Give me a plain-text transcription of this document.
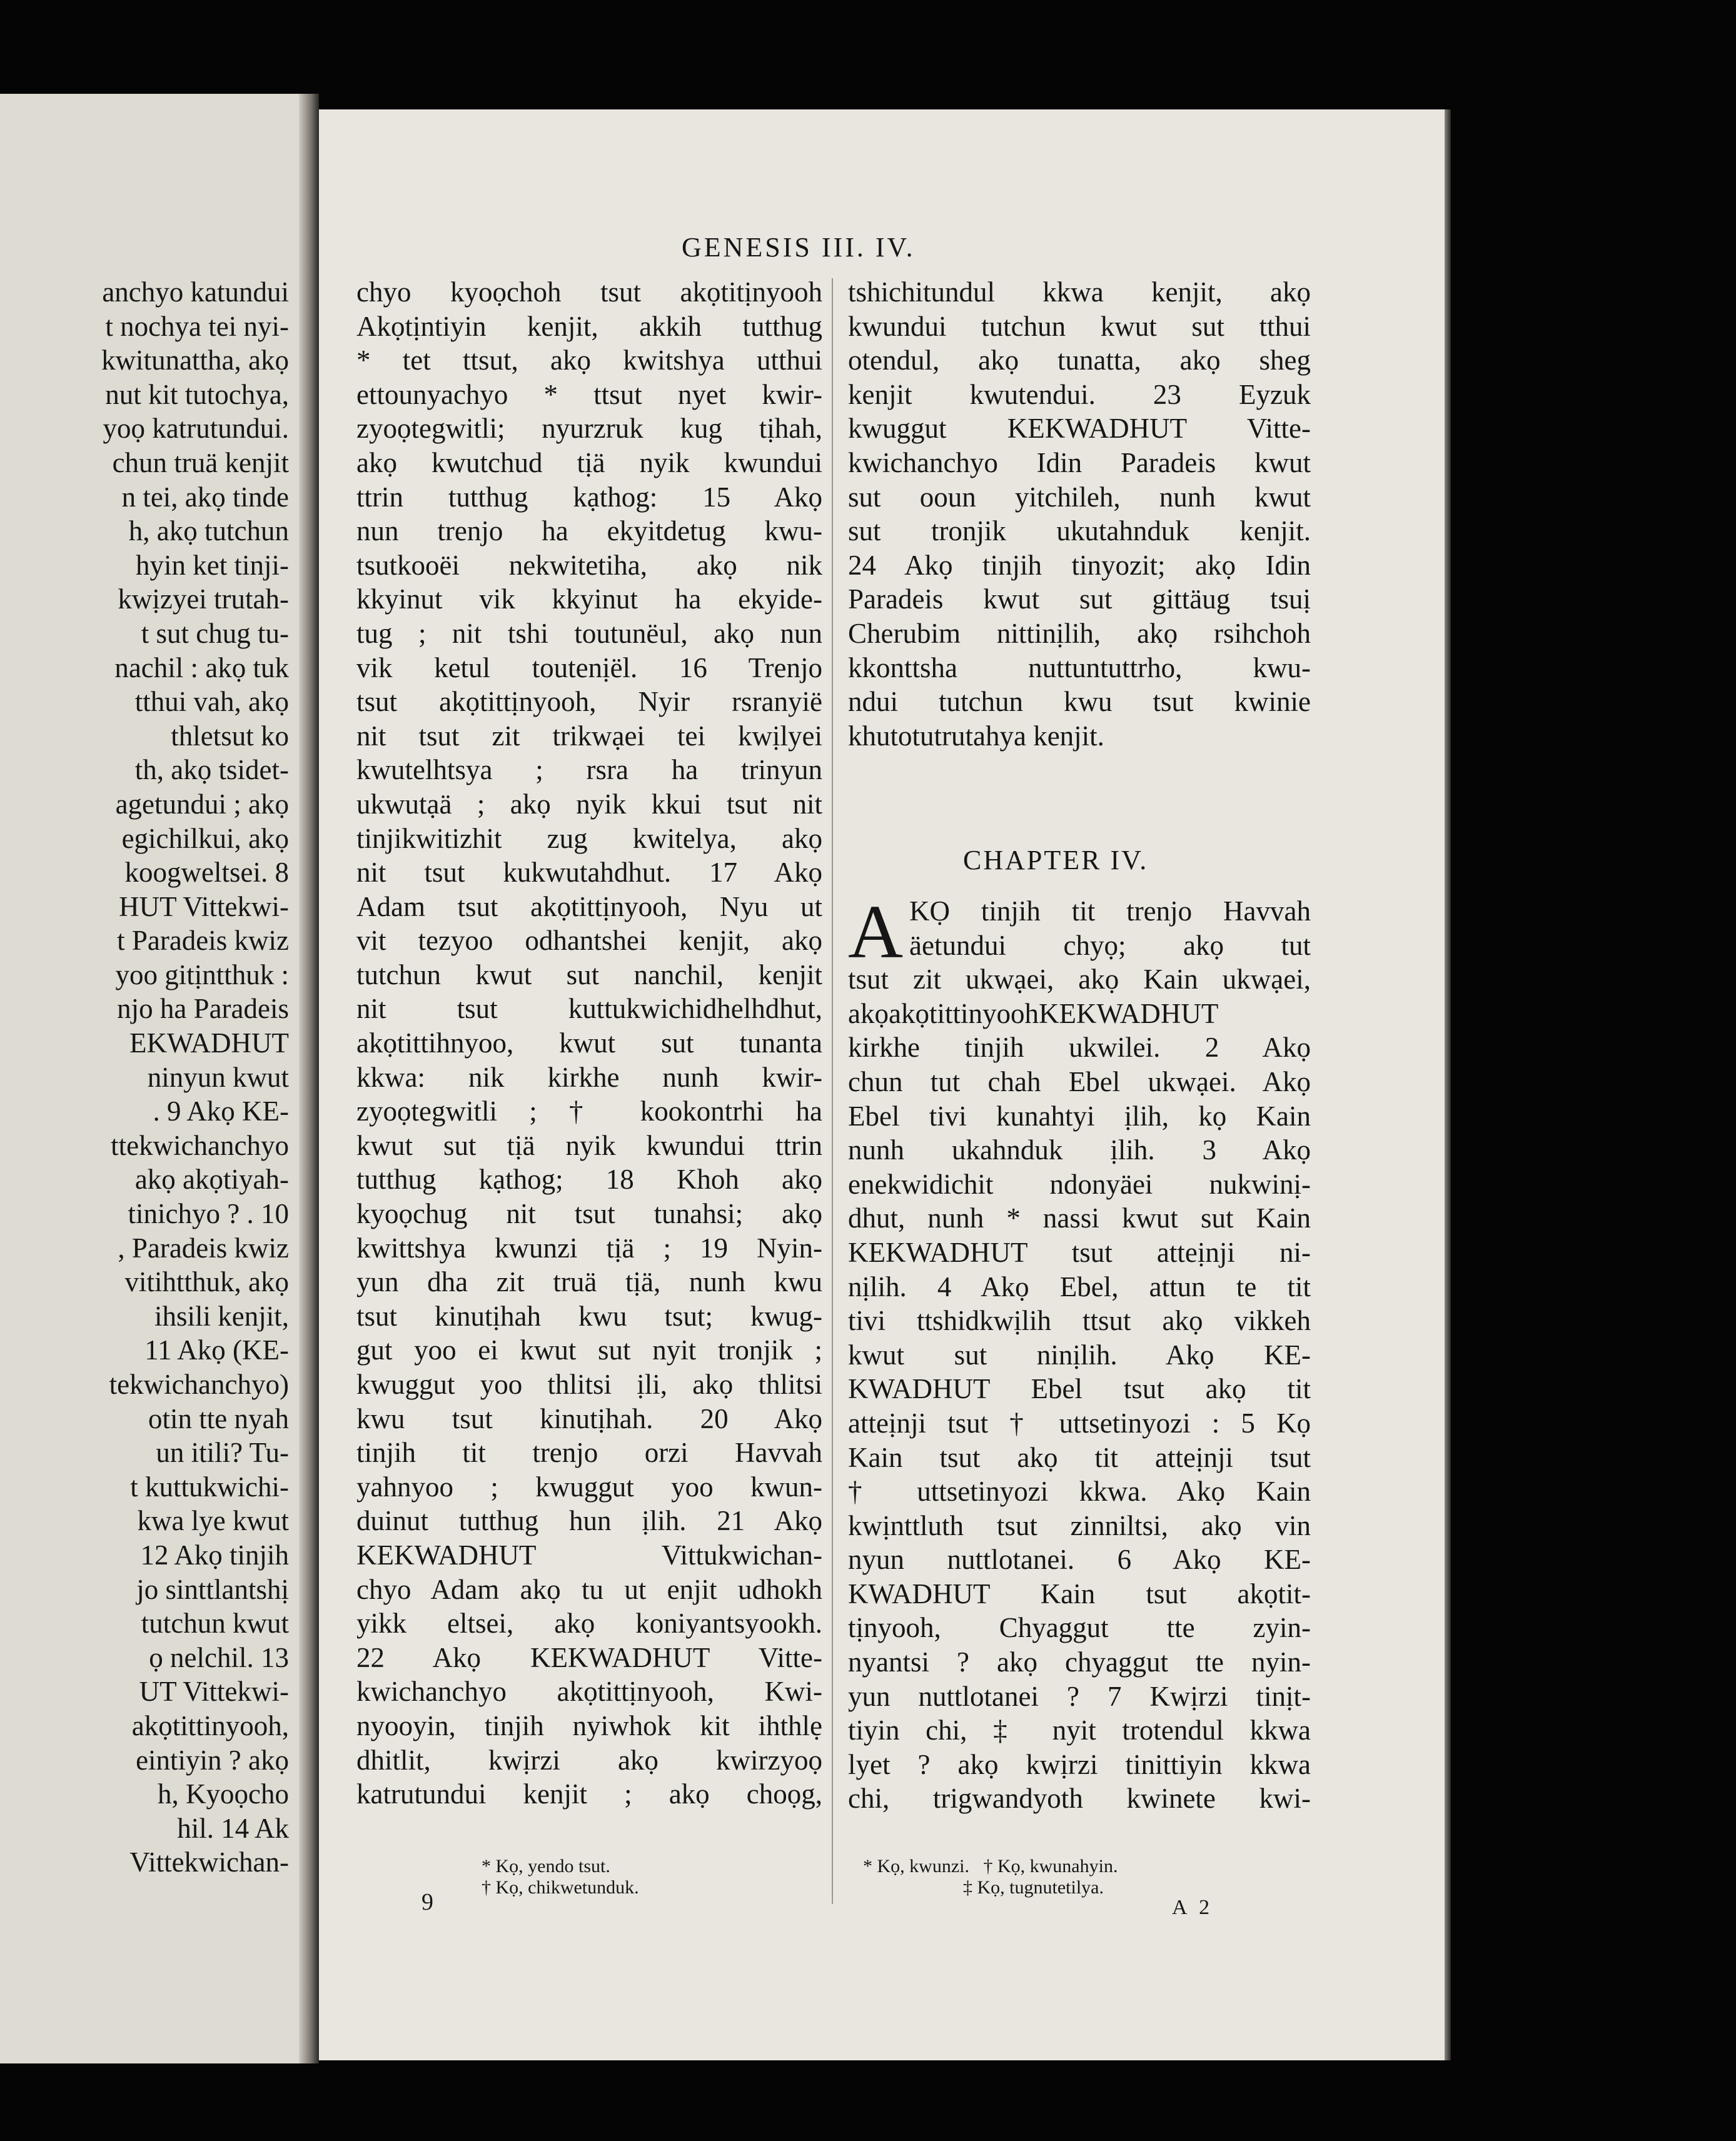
anchyo katundui
t nochya tei nyi-
kwitunattha, akọ
nut kit tutochya,
yoọ katrutundui.
chun truä kenjit
n tei, akọ tinde
h, akọ tutchun
hyin ket tinji-
kwịzyei trutah-
t sut chug tu-
nachil : akọ tuk
tthui vah, akọ
thletsut ko
th, akọ tsidet-
agetundui ; akọ
egichilkui, akọ
koogweltsei. 8
HUT Vittekwi-
t Paradeis kwiz
yoo gitịntthuk :
njo ha Paradeis
EKWADHUT
ninyun kwut
. 9 Akọ KE-
ttekwichanchyo
akọ akọtiyah-
tinichyo ? . 10
, Paradeis kwiz
vitihtthuk, akọ
ihsili kenjit,
11 Akọ (KE-
tekwichanchyo)
otin tte nyah
un itili? Tu-
t kuttukwichi-
kwa lye kwut
12 Akọ tinjih
jo sinttlantshị
tutchun kwut
ọ nelchil. 13
UT Vittekwi-
akọtittinyooh,
eintiyin ? akọ
h, Kyoọcho
hil. 14 Ak
Vittekwichan-
GENESIS III. IV.
chyo kyoọchoh tsut akọtitịnyooh
Akọtịntiyin kenjit, akkih tutthug
* tet ttsut, akọ kwitshya utthui
ettounyachyo * ttsut nyet kwir-
zyoọtegwitli; nyurzruk kug tịhah,
akọ kwutchud tịä nyik kwundui
ttrin tutthug kạthog: 15 Akọ
nun trenjo ha ekyitdetug kwu-
tsutkooëi nekwitetiha, akọ nik
kkyinut vik kkyinut ha ekyide-
tug ; nit tshi toutunëul, akọ nun
vik ketul toutenịël. 16 Trenjo
tsut akọtittịnyooh, Nyir rsranyië
nit tsut zit trikwạei tei kwịlyei
kwutelhtsya ; rsra ha trinyun
ukwutạä ; akọ nyik kkui tsut nit
tinjikwitizhit zug kwitelya, akọ
nit tsut kukwutahdhut. 17 Akọ
Adam tsut akọtittịnyooh, Nyu ut
vit tezyoo odhantshei kenjit, akọ
tutchun kwut sut nanchil, kenjit
nit tsut kuttukwichidhelhdhut,
akọtittihnyoo, kwut sut tunanta
kkwa: nik kirkhe nunh kwir-
zyoọtegwitli ; † kookontrhi ha
kwut sut tịä nyik kwundui ttrin
tutthug kạthog; 18 Khoh akọ
kyoọchug nit tsut tunahsi; akọ
kwittshya kwunzi tịä ; 19 Nyin-
yun dha zit truä tịä, nunh kwu
tsut kinutịhah kwu tsut; kwug-
gut yoo ei kwut sut nyit tronjik ;
kwuggut yoo thlitsi ịli, akọ thlitsi
kwu tsut kinutịhah. 20 Akọ
tinjih tit trenjo orzi Havvah
yahnyoo ; kwuggut yoo kwun-
duinut tutthug hun ịlih. 21 Akọ
KEKWADHUT Vittukwichan-
chyo Adam akọ tu ut enjit udhokh
yikk eltsei, akọ koniyantsyookh.
22 Akọ KEKWADHUT Vitte-
kwichanchyo akọtittịnyooh, Kwi-
nyooyin, tinjih nyiwhok kit ihthlẹ
dhitlit, kwịrzi akọ kwirzyoọ
katrutundui kenjit ; akọ choọg,
tshichitundul kkwa kenjit, akọ
kwundui tutchun kwut sut tthui
otendul, akọ tunatta, akọ sheg
kenjit kwutendui. 23 Eyzuk
kwuggut KEKWADHUT Vitte-
kwichanchyo Idin Paradeis kwut
sut ooun yitchileh, nunh kwut
sut tronjik ukutahnduk kenjit.
24 Akọ tinjih tinyozit; akọ Idin
Paradeis kwut sut gittäug tsuị
Cherubim nittinịlih, akọ rsihchoh
kkonttsha nuttuntuttrho, kwu-
ndui tutchun kwu tsut kwinie
khutotutrutahya kenjit.
CHAPTER IV.
A KỌ tinjih tit trenjo Havvah
äetundui chyọ; akọ tut
tsut zit ukwạei, akọ Kain ukwạei,
akọakọtittinyoohKEKWADHUT
kirkhe tinjih ukwilei. 2 Akọ
chun tut chah Ebel ukwạei. Akọ
Ebel tivi kunahtyi ịlih, kọ Kain
nunh ukahnduk ịlih. 3 Akọ
enekwidichit ndonyäei nukwinị-
dhut, nunh * nassi kwut sut Kain
KEKWADHUT tsut atteịnji ni-
nịlih. 4 Akọ Ebel, attun te tit
tivi ttshidkwịlih ttsut akọ vikkeh
kwut sut ninịlih. Akọ KE-
KWADHUT Ebel tsut akọ tit
atteịnji tsut † uttsetinyozi : 5 Kọ
Kain tsut akọ tit atteịnji tsut
† uttsetinyozi kkwa. Akọ Kain
kwịnttluth tsut zinniltsi, akọ vin
nyun nuttlotanei. 6 Akọ KE-
KWADHUT Kain tsut akọtit-
tịnyooh, Chyaggut tte zyin-
nyantsi ? akọ chyaggut tte nyin-
yun nuttlotanei ? 7 Kwịrzi tinịt-
tiyin chi, ‡ nyit trotendul kkwa
lyet ? akọ kwịrzi tinittiyin kkwa
chi, trigwandyoth kwinete kwi-
* Kọ, yendo tsut.
† Kọ, chikwetunduk.
* Kọ, kwunzi.   † Kọ, kwunahyin.
‡ Kọ, tugnutetilya.
9	A 2
